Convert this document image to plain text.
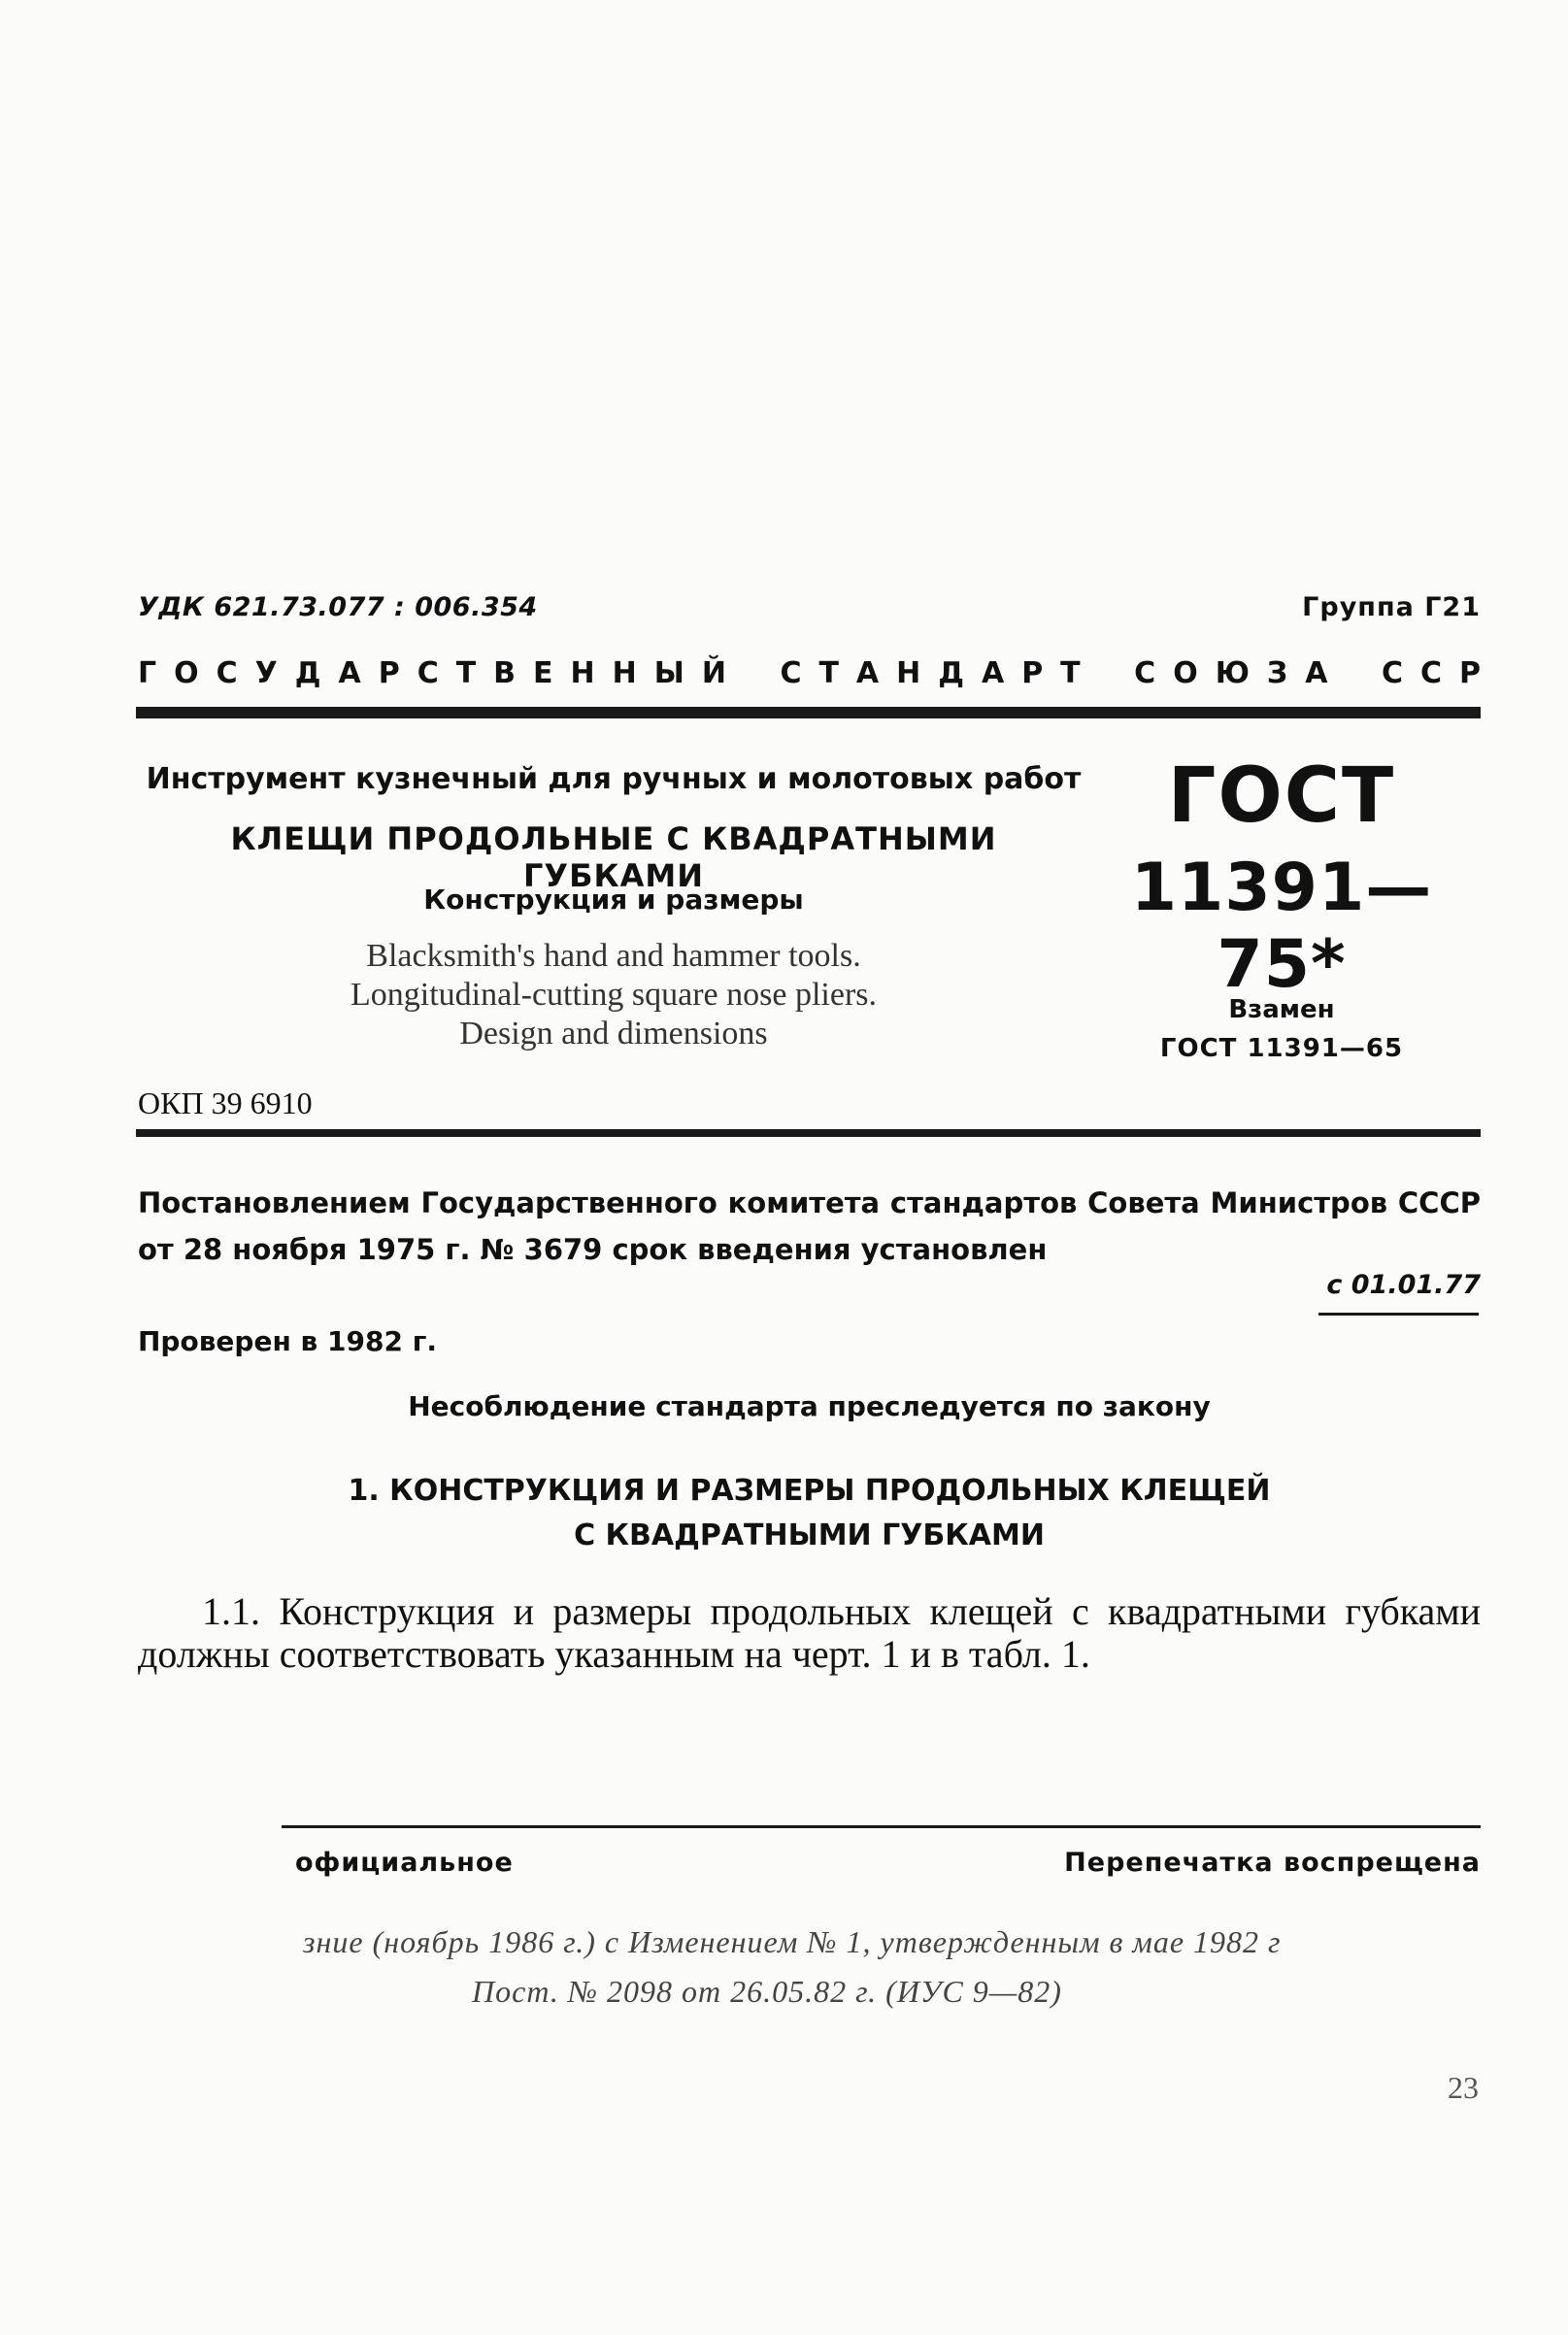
УДК 621.73.077 : 006.354	Группа Г21
ГОСУДАРСТВЕННЫЙ СТАНДАРТ СОЮЗА ССР
Инструмент кузнечный для ручных и молотовых работ
КЛЕЩИ ПРОДОЛЬНЫЕ С КВАДРАТНЫМИ ГУБКАМИ
Конструкция и размеры
Blacksmith's hand and hammer tools.
Longitudinal-cutting square nose pliers.
Design and dimensions
ГОСТ
11391—75*
Взамен
ГОСТ 11391—65
ОКП 39 6910
Постановлением Государственного комитета стандартов Совета Министров СССР от 28 ноября 1975 г. № 3679 срок введения установлен
с 01.01.77
Проверен в 1982 г.
Несоблюдение стандарта преследуется по закону
1. КОНСТРУКЦИЯ И РАЗМЕРЫ ПРОДОЛЬНЫХ КЛЕЩЕЙ
С КВАДРАТНЫМИ ГУБКАМИ
1.1. Конструкция и размеры продольных клещей с квадратными губками должны соответствовать указанным на черт. 1 и в табл. 1.
официальное	Перепечатка воспрещена
зние (ноябрь 1986 г.) с Изменением № 1, утвержденным в мае 1982 г
Пост. № 2098 от 26.05.82 г. (ИУС 9—82)
23
